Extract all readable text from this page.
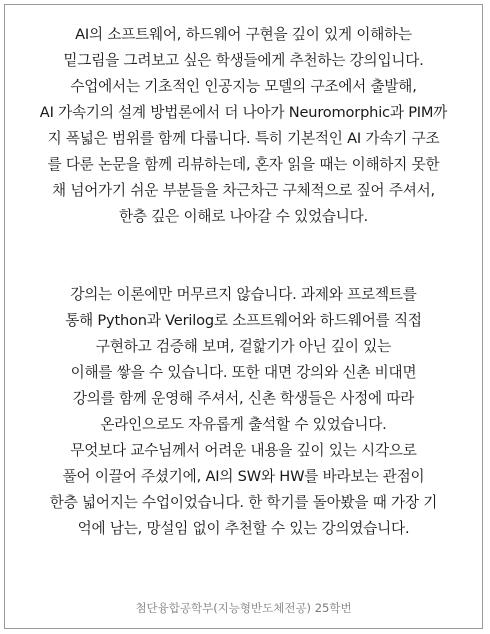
AI의 소프트웨어, 하드웨어 구현을 깊이 있게 이해하는
밑그림을 그려보고 싶은 학생들에게 추천하는 강의입니다.
수업에서는 기초적인 인공지능 모델의 구조에서 출발해,
AI 가속기의 설계 방법론에서 더 나아가 Neuromorphic과 PIM까
지 폭넓은 범위를 함께 다룹니다. 특히 기본적인 AI 가속기 구조
를 다룬 논문을 함께 리뷰하는데, 혼자 읽을 때는 이해하지 못한
채 넘어가기 쉬운 부분들을 차근차근 구체적으로 짚어 주셔서,
한층 깊은 이해로 나아갈 수 있었습니다.
강의는 이론에만 머무르지 않습니다. 과제와 프로젝트를
통해 Python과 Verilog로 소프트웨어와 하드웨어를 직접
구현하고 검증해 보며, 겉핥기가 아닌 깊이 있는
이해를 쌓을 수 있습니다. 또한 대면 강의와 신촌 비대면
강의를 함께 운영해 주셔서, 신촌 학생들은 사정에 따라
온라인으로도 자유롭게 출석할 수 있었습니다.
무엇보다 교수님께서 어려운 내용을 깊이 있는 시각으로
풀어 이끌어 주셨기에, AI의 SW와 HW를 바라보는 관점이
한층 넓어지는 수업이었습니다. 한 학기를 돌아봤을 때 가장 기
억에 남는, 망설임 없이 추천할 수 있는 강의였습니다.
첨단융합공학부(지능형반도체전공) 25학번
